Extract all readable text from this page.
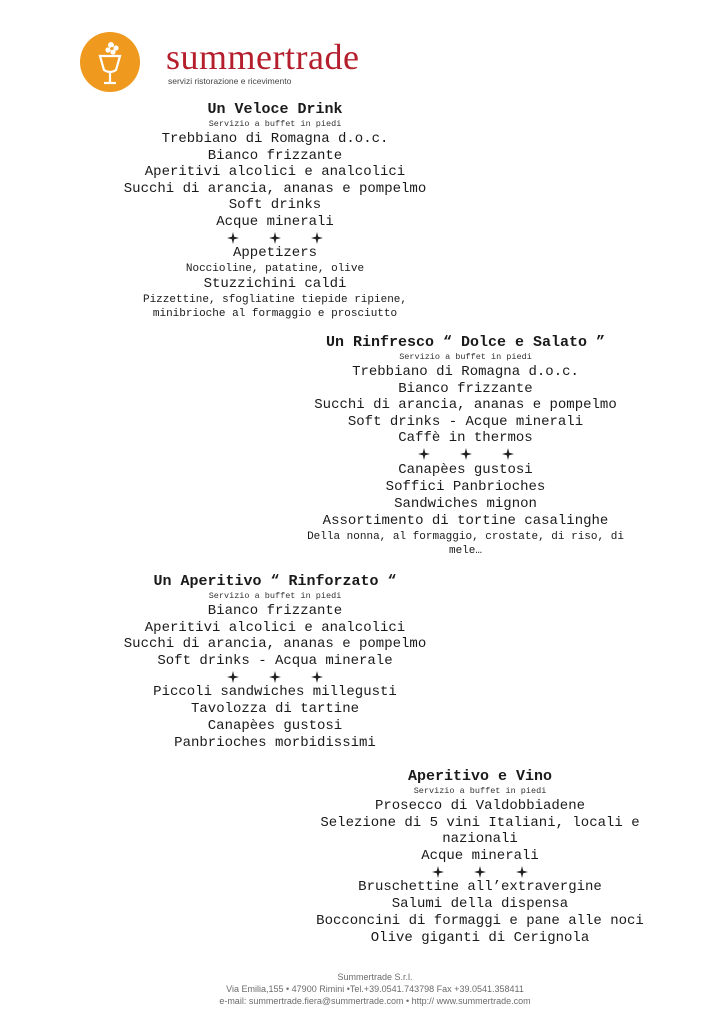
summertrade

servizi ristorazione e ricevimento

Un Veloce Drink
Servizio a buffet in piedi
Trebbiano di Romagna d.o.c.
Bianco frizzante
Aperitivi alcolici e analcolici
Succhi di arancia, ananas e pompelmo
Soft drinks
Acque minerali
Appetizers
Noccioline, patatine, olive
Stuzzichini caldi
Pizzettine, sfogliatine tiepide ripiene, minibrioche al formaggio e prosciutto
Un Rinfresco “ Dolce e Salato ”
Servizio a buffet in piedi
Trebbiano di Romagna d.o.c.
Bianco frizzante
Succhi di arancia, ananas e pompelmo
Soft drinks - Acque minerali
Caffè in thermos
Canapèes gustosi
Soffici Panbrioches
Sandwiches mignon
Assortimento di tortine casalinghe
Della nonna, al formaggio, crostate, di riso, di mele…
Un Aperitivo “ Rinforzato “
Servizio a buffet in piedi
Bianco frizzante
Aperitivi alcolici e analcolici
Succhi di arancia, ananas e pompelmo
Soft drinks - Acqua minerale
Piccoli sandwiches millegusti
Tavolozza di tartine
Canapèes gustosi
Panbrioches morbidissimi
Aperitivo e Vino
Servizio a buffet in piedi
Prosecco di Valdobbiadene
Selezione di 5 vini Italiani, locali e nazionali
Acque minerali
Bruschettine all’extravergine
Salumi della dispensa
Bocconcini di formaggi e pane alle noci
Olive giganti di Cerignola
Summertrade S.r.l.
Via Emilia,155 • 47900 Rimini •Tel.+39.0541.743798 Fax +39.0541.358411
e-mail: summertrade.fiera@summertrade.com • http:// www.summertrade.com
